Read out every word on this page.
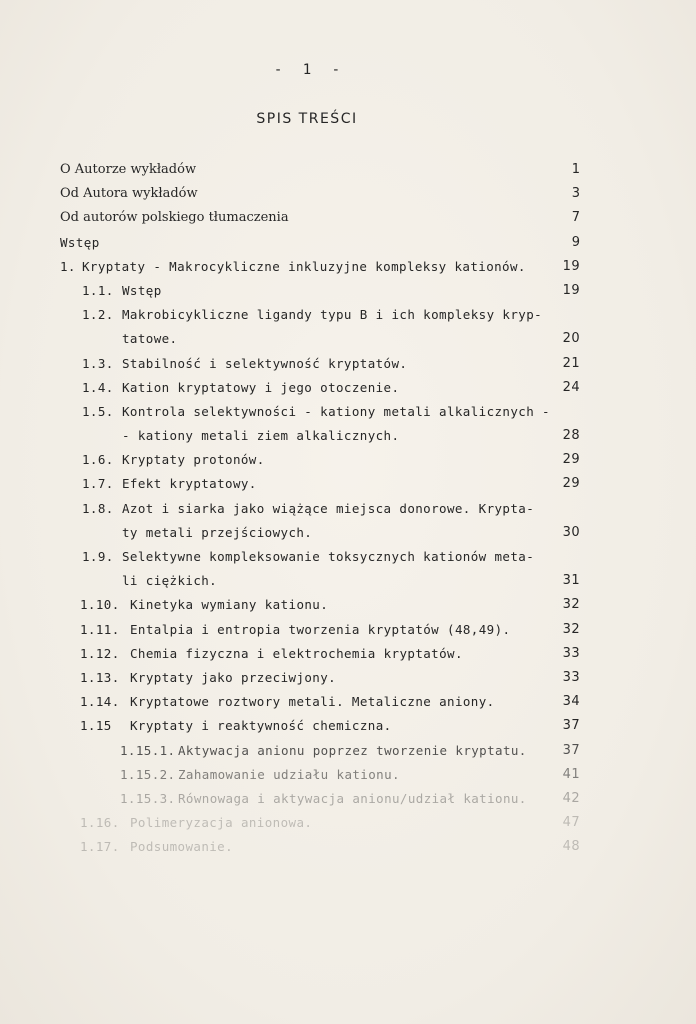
- 1 -
SPIS TREŚCI
O Autorze wykładów	1
Od Autora wykładów	3
Od autorów polskiego tłumaczenia	7
Wstęp	9
1. Kryptaty - Makrocykliczne inkluzyjne kompleksy kationów.	19
1.1. Wstęp	19
1.2. Makrobicykliczne ligandy typu B i ich kompleksy kryp-
tatowe.	20
1.3. Stabilność i selektywność kryptatów.	21
1.4. Kation kryptatowy i jego otoczenie.	24
1.5. Kontrola selektywności - kationy metali alkalicznych -
- kationy metali ziem alkalicznych.	28
1.6. Kryptaty protonów.	29
1.7. Efekt kryptatowy.	29
1.8. Azot i siarka jako wiążące miejsca donorowe. Krypta-
ty metali przejściowych.	30
1.9. Selektywne kompleksowanie toksycznych kationów meta-
li ciężkich.	31
1.10. Kinetyka wymiany kationu.	32
1.11. Entalpia i entropia tworzenia kryptatów (48,49).	32
1.12. Chemia fizyczna i elektrochemia kryptatów.	33
1.13. Kryptaty jako przeciwjony.	33
1.14. Kryptatowe roztwory metali. Metaliczne aniony.	34
1.15 Kryptaty i reaktywność chemiczna.	37
1.15.1. Aktywacja anionu poprzez tworzenie kryptatu.	37
1.15.2. Zahamowanie udziału kationu.	41
1.15.3. Równowaga i aktywacja anionu/udział kationu.	42
1.16. Polimeryzacja anionowa.	47
1.17. Podsumowanie.	48
